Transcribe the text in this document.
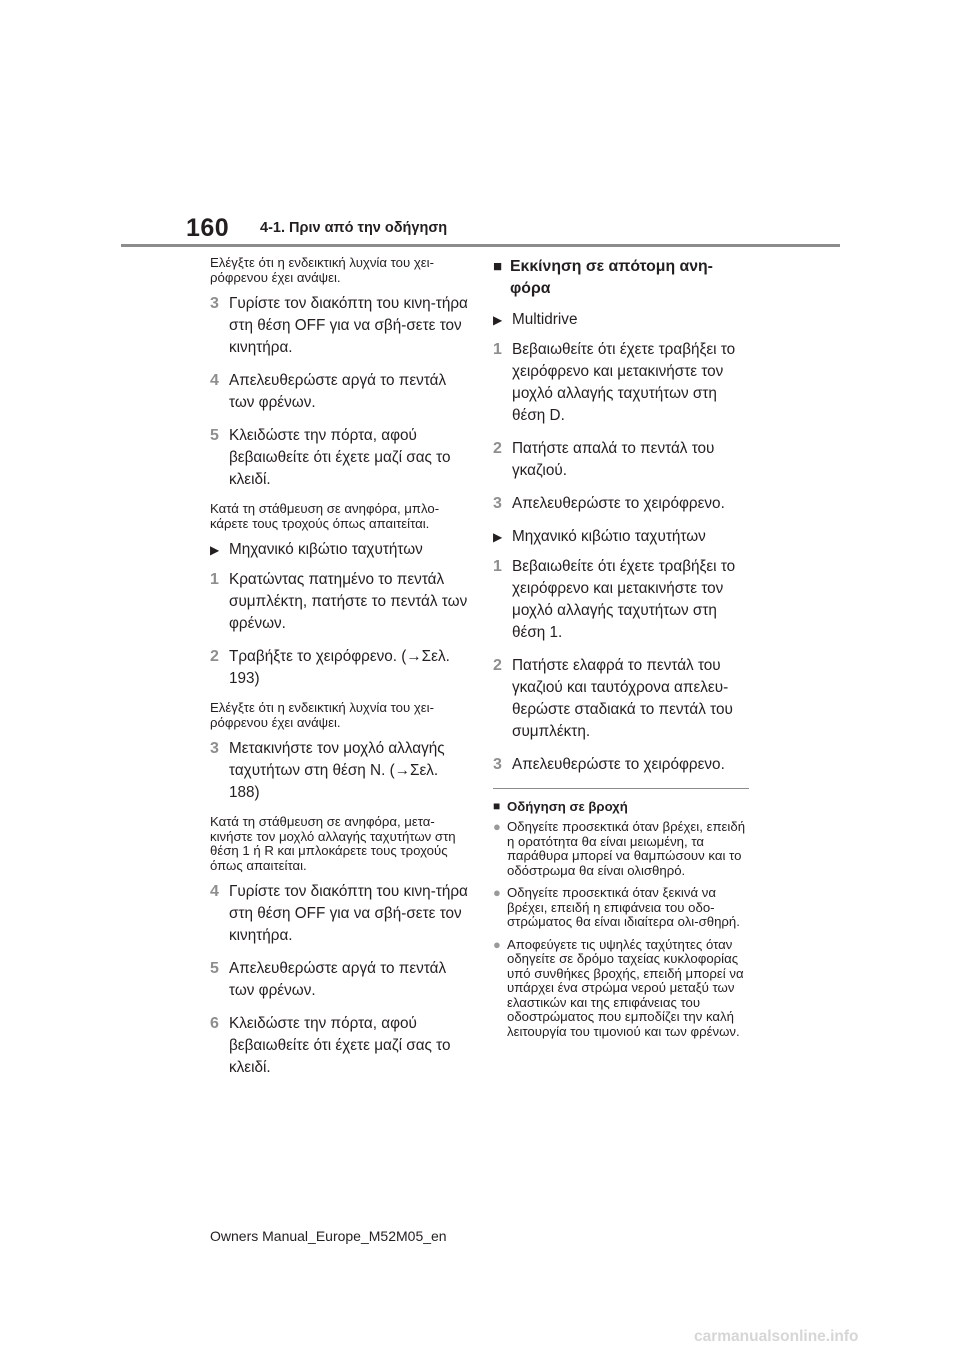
160 4-1. Πριν από την οδήγηση

Ελέγξτε ότι η ενδεικτική λυχνία του χει-ρόφρενου έχει ανάψει.

3 Γυρίστε τον διακόπτη του κινη-τήρα στη θέση OFF για να σβή-σετε τον κινητήρα.
4 Απελευθερώστε αργά το πεντάλ των φρένων.
5 Κλειδώστε την πόρτα, αφού βεβαιωθείτε ότι έχετε μαζί σας το κλειδί.

Κατά τη στάθμευση σε ανηφόρα, μπλο-κάρετε τους τροχούς όπως απαιτείται.

▶ Μηχανικό κιβώτιο ταχυτήτων
1 Κρατώντας πατημένο το πεντάλ συμπλέκτη, πατήστε το πεντάλ των φρένων.
2 Τραβήξτε το χειρόφρενο. (→Σελ. 193)

Ελέγξτε ότι η ενδεικτική λυχνία του χει-ρόφρενου έχει ανάψει.

3 Μετακινήστε τον μοχλό αλλαγής ταχυτήτων στη θέση N. (→Σελ. 188)

Κατά τη στάθμευση σε ανηφόρα, μετα-κινήστε τον μοχλό αλλαγής ταχυτήτων στη θέση 1 ή R και μπλοκάρετε τους τροχούς όπως απαιτείται.

4 Γυρίστε τον διακόπτη του κινη-τήρα στη θέση OFF για να σβή-σετε τον κινητήρα.
5 Απελευθερώστε αργά το πεντάλ των φρένων.
6 Κλειδώστε την πόρτα, αφού βεβαιωθείτε ότι έχετε μαζί σας το κλειδί.
■ Εκκίνηση σε απότομη ανη-φόρα
▶ Multidrive
1 Βεβαιωθείτε ότι έχετε τραβήξει το χειρόφρενο και μετακινήστε τον μοχλό αλλαγής ταχυτήτων στη θέση D.
2 Πατήστε απαλά το πεντάλ του γκαζιού.
3 Απελευθερώστε το χειρόφρενο.
▶ Μηχανικό κιβώτιο ταχυτήτων
1 Βεβαιωθείτε ότι έχετε τραβήξει το χειρόφρενο και μετακινήστε τον μοχλό αλλαγής ταχυτήτων στη θέση 1.
2 Πατήστε ελαφρά το πεντάλ του γκαζιού και ταυτόχρονα απελευ-θερώστε σταδιακά το πεντάλ του συμπλέκτη.
3 Απελευθερώστε το χειρόφρενο.
■ Οδήγηση σε βροχή
● Οδηγείτε προσεκτικά όταν βρέχει, επειδή η ορατότητα θα είναι μειωμένη, τα παράθυρα μπορεί να θαμπώσουν και το οδόστρωμα θα είναι ολισθηρό.
● Οδηγείτε προσεκτικά όταν ξεκινά να βρέχει, επειδή η επιφάνεια του οδο-στρώματος θα είναι ιδιαίτερα ολι-σθηρή.
● Αποφεύγετε τις υψηλές ταχύτητες όταν οδηγείτε σε δρόμο ταχείας κυκλοφορίας υπό συνθήκες βροχής, επειδή μπορεί να υπάρχει ένα στρώμα νερού μεταξύ των ελαστικών και της επιφάνειας του οδοστρώματος που εμποδίζει την καλή λειτουργία του τιμονιού και των φρένων.
Owners Manual_Europe_M52M05_en
carmanualsonline.info
